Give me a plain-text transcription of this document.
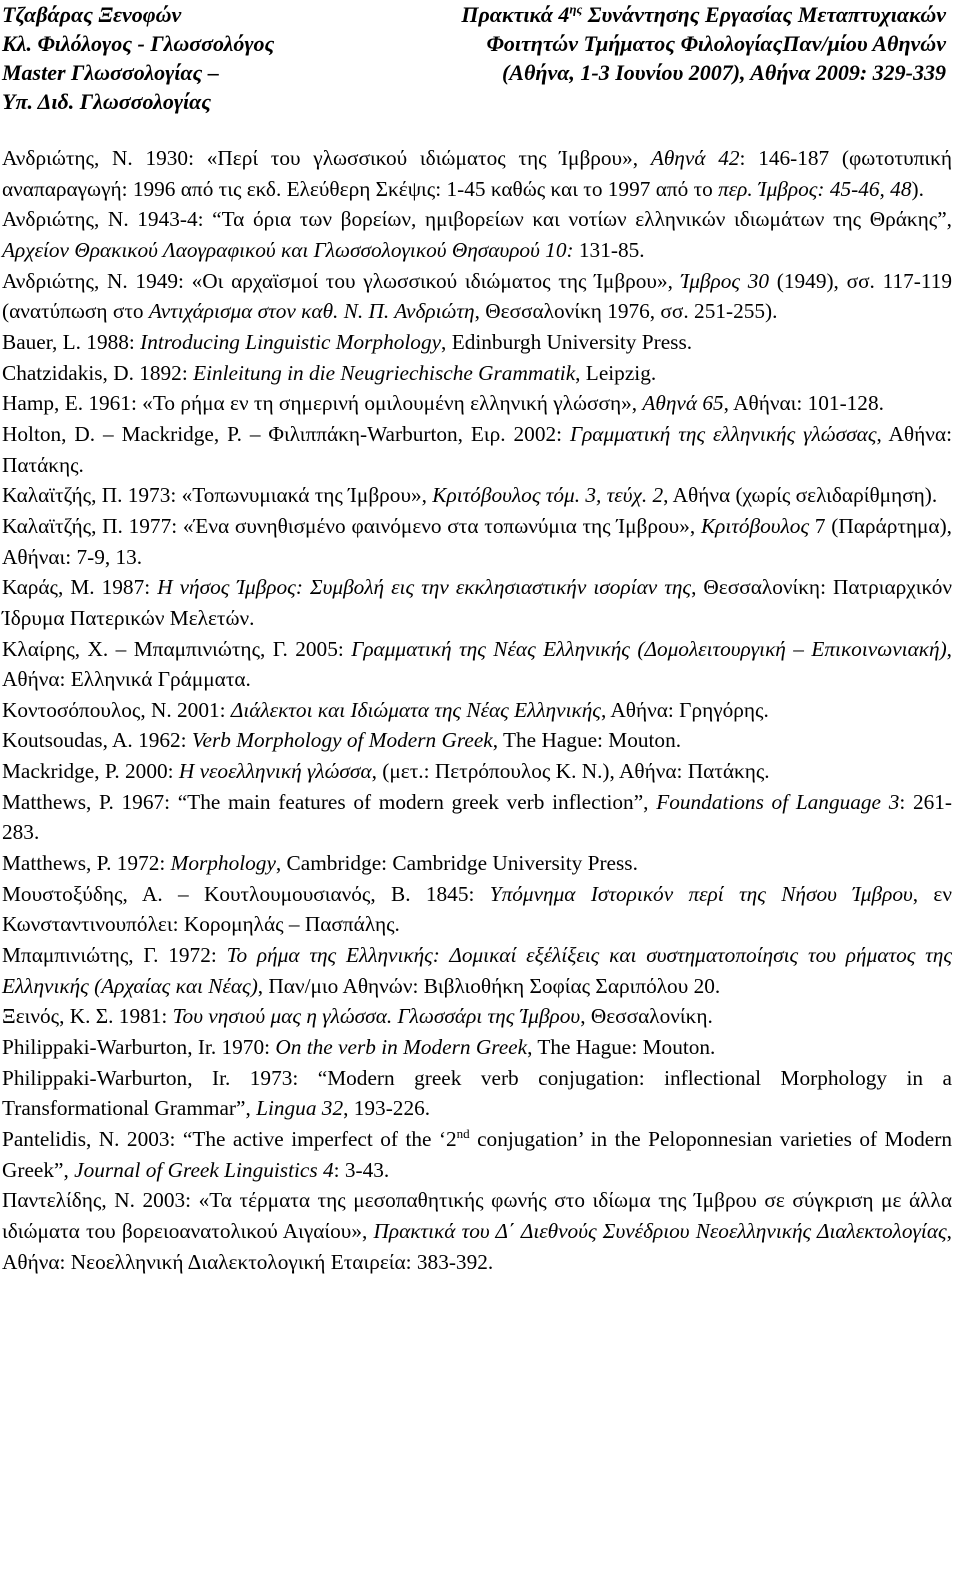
Τζαβάρας Ξενοφών
Κλ. Φιλόλογος - Γλωσσολόγος
Master Γλωσσολογίας –
Υπ. Διδ. Γλωσσολογίας
Πρακτικά $4^{\eta\varsigma}$ Συνάντησης Εργασίας Μεταπτυχιακών
Φοιτητών Τμήματος ΦιλολογίαςΠαν/μίου Αθηνών
(Αθήνα, 1-3 Ιουνίου 2007), Αθήνα 2009: 329-339

Ανδριώτης, Ν. 1930: «Περί του γλωσσικού ιδιώματος της Ίμβρου», Αθηνά 42: 146-187 (φωτοτυπική αναπαραγωγή: 1996 από τις εκδ. Ελεύθερη Σκέψις: 1-45 καθώς και το 1997 από το περ. Ίμβρος: 45-46, 48).

Ανδριώτης, Ν. 1943-4: “Τα όρια των βορείων, ημιβορείων και νοτίων ελληνικών ιδιωμάτων της Θράκης”, Αρχείον Θρακικού Λαογραφικού και Γλωσσολογικού Θησαυρού 10: 131-85.

Ανδριώτης, Ν. 1949: «Οι αρχαϊσμοί του γλωσσικού ιδιώματος της Ίμβρου», Ίμβρος 30 (1949), σσ. 117-119 (ανατύπωση στο Αντιχάρισμα στον καθ. Ν. Π. Ανδριώτη, Θεσσαλονίκη 1976, σσ. 251-255).

Bauer, L. 1988: Introducing Linguistic Morphology, Edinburgh University Press.

Chatzidakis, D. 1892: Einleitung in die Neugriechische Grammatik, Leipzig.

Hamp, E. 1961: «Το ρήμα εν τη σημερινή ομιλουμένη ελληνική γλώσση», Αθηνά 65, Αθήναι: 101-128.

Holton, D. – Mackridge, P. – Φιλιππάκη-Warburton, Ειρ. 2002: Γραμματική της ελληνικής γλώσσας, Αθήνα: Πατάκης.

Καλαϊτζής, Π. 1973: «Τοπωνυμιακά της Ίμβρου», Κριτόβουλος τόμ. 3, τεύχ. 2, Αθήνα (χωρίς σελιδαρίθμηση).

Καλαϊτζής, Π. 1977: «Ένα συνηθισμένο φαινόμενο στα τοπωνύμια της Ίμβρου», Κριτόβουλος 7 (Παράρτημα), Αθήναι: 7-9, 13.

Καράς, Μ. 1987: Η νήσος Ίμβρος: Συμβολή εις την εκκλησιαστικήν ισορίαν της, Θεσσαλονίκη: Πατριαρχικόν Ίδρυμα Πατερικών Μελετών.

Κλαίρης, Χ. – Μπαμπινιώτης, Γ. 2005: Γραμματική της Νέας Ελληνικής (Δομολειτουργική – Επικοινωνιακή), Αθήνα: Ελληνικά Γράμματα.

Κοντοσόπουλος, Ν. 2001: Διάλεκτοι και Ιδιώματα της Νέας Ελληνικής, Αθήνα: Γρηγόρης.

Koutsoudas, A. 1962: Verb Morphology of Modern Greek, The Hague: Mouton.

Mackridge, P. 2000: Η νεοελληνική γλώσσα, (μετ.: Πετρόπουλος Κ. Ν.), Αθήνα: Πατάκης.

Matthews, P. 1967: “The main features of modern greek verb inflection”, Foundations of Language 3: 261-283.

Matthews, P. 1972: Morphology, Cambridge: Cambridge University Press.

Μουστοξύδης, Α. – Κουτλουμουσιανός, Β. 1845: Υπόμνημα Ιστορικόν περί της Νήσου Ίμβρου, εν Κωνσταντινουπόλει: Κορομηλάς – Πασπάλης.

Μπαμπινιώτης, Γ. 1972: Το ρήμα της Ελληνικής: Δομικαί εξέλίξεις και συστηματοποίησις του ρήματος της Ελληνικής (Αρχαίας και Νέας), Παν/μιο Αθηνών: Βιβλιοθήκη Σοφίας Σαριπόλου 20.

Ξεινός, Κ. Σ. 1981: Του νησιού μας η γλώσσα. Γλωσσάρι της Ίμβρου, Θεσσαλονίκη.

Philippaki-Warburton, Ir. 1970: On the verb in Modern Greek, The Hague: Mouton.

Philippaki-Warburton, Ir. 1973: “Modern greek verb conjugation: inflectional Morphology in a Transformational Grammar”, Lingua 32, 193-226.

Pantelidis, N. 2003: “The active imperfect of the ‘2nd conjugation’ in the Peloponnesian varieties of Modern Greek”, Journal of Greek Linguistics 4: 3-43.

Παντελίδης, Ν. 2003: «Τα τέρματα της μεσοπαθητικής φωνής στο ιδίωμα της Ίμβρου σε σύγκριση με άλλα ιδιώματα του βορειοανατολικού Αιγαίου», Πρακτικά του Δ΄ Διεθνούς Συνέδριου Νεοελληνικής Διαλεκτολογίας, Αθήνα: Νεοελληνική Διαλεκτολογική Εταιρεία: 383-392.
